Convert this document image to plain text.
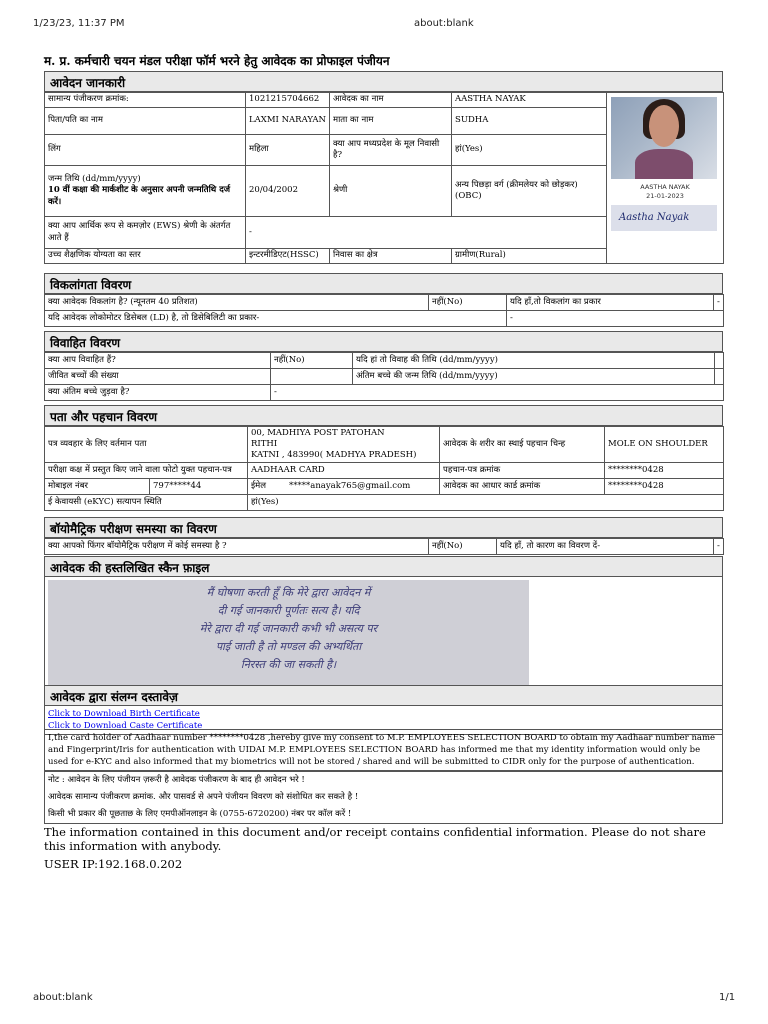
1/23/23, 11:37 PM	about:blank
म. प्र. कर्मचारी चयन मंडल परीक्षा फॉर्म भरने हेतु आवेदक का प्रोफाइल पंजीयन
आवेदन जानकारी
सामान्य पंजीकरण क्रमांक:	1021215704662	आवेदक का नाम	AASTHA NAYAK	AASTHA NAYAK
21-01-2023
Aastha Nayak

पिता/पति का नाम	LAXMI NARAYAN	माता का नाम	SUDHA	
लिंग	महिला	क्या आप मध्यप्रदेश के मूल निवासी है?	हां(Yes)	

जन्म तिथि (dd/mm/yyyy)
10 वीं कक्षा की मार्कशीट के अनुसार अपनी जन्मतिथि दर्ज करें।	20/04/2002	श्रेणी	अन्य पिछड़ा वर्ग (क्रीमलेयर को छोड़कर) (OBC)	
क्या आप आर्थिक रूप से कमज़ोर (EWS) श्रेणी के अंतर्गत आते हैं	-			
उच्च शैक्षणिक योग्यता का स्तर	इन्टरमीडिएट(HSSC)	निवास का क्षेत्र	ग्रामीण(Rural)	
विकलांगता विवरण
क्या आवेदक विकलांग है? (न्यूनतम 40 प्रतिशत)	नहीं(No)	यदि हाँ,तो विकलांग का प्रकार	-
यदि आवेदक लोकोमोटर डिसेबल (LD) है, तो डिसेबिलिटी का प्रकार-		-	
विवाहित विवरण
क्या आप विवाहित हैं?	नहीं(No)	यदि हां तो विवाह की तिथि (dd/mm/yyyy)	
जीवित बच्चों की संख्या		अंतिम बच्चे की जन्म तिथि (dd/mm/yyyy)	
क्या अंतिम बच्चे जुड़वा है?	-		
पता और पहचान विवरण
पत्र व्यवहार के लिए वर्तमान पता		00, MADHIYA POST PATOHAN
RITHI
KATNI , 483990( MADHYA PRADESH)	आवेदक के शरीर का स्थाई पहचान चिन्ह	MOLE ON SHOULDER
परीक्षा कक्ष में प्रस्तुत किए जाने वाला फोटो युक्त पहचान-पत्र		AADHAAR CARD	पहचान-पत्र क्रमांक	********0428
मोबाइल नंबर	797*****44	ईमेल *****anayak765@gmail.com	आवेदक का आधार कार्ड क्रमांक	********0428
ई केवायसी (eKYC) सत्यापन स्थिति		हां(Yes)		
बॉयोमैट्रिक परीक्षण समस्या का विवरण
क्या आपको फिंगर बॉयोमैट्रिक परीक्षण में कोई समस्या है ?	नहीं(No)	यदि हाँ, तो कारण का विवरण दें-	-
आवेदक की हस्तलिखित स्कैन फ़ाइल
मैं घोषणा करती हूँ कि मेरे द्वारा आवेदन में
दी गई जानकारी पूर्णतः सत्य है। यदि
मेरे द्वारा दी गई जानकारी कभी भी असत्य पर
पाई जाती है तो मण्डल की अभ्यर्थिता
निरस्त की जा सकती है।
आवेदक द्वारा संलग्न दस्तावेज़
Click to Download Birth Certificate
Click to Download Caste Certificate
I,the card holder of Aadhaar number ********0428 ,hereby give my consent to M.P. EMPLOYEES SELECTION BOARD to obtain my Aadhaar number name and Fingerprint/Iris for authentication with UIDAI M.P. EMPLOYEES SELECTION BOARD has informed me that my identity information would only be used for e-KYC and also informed that my biometrics will not be stored / shared and will be submitted to CIDR only for the purpose of authentication.
नोट : आवेदन के लिए पंजीयन ज़रूरी है आवेदक पंजीकरण के बाद ही आवेदन भरे !
आवेदक सामान्य पंजीकरण क्रमांक. और पासवर्ड से अपने पंजीयन विवरण को संशोधित कर सकते है !
किसी भी प्रकार की पूछताछ के लिए एमपीऑनलाइन के (0755-6720200) नंबर पर कॉल करें !
The information contained in this document and/or receipt contains confidential information. Please do not share this information with anybody.
USER IP:192.168.0.202
about:blank	1/1
